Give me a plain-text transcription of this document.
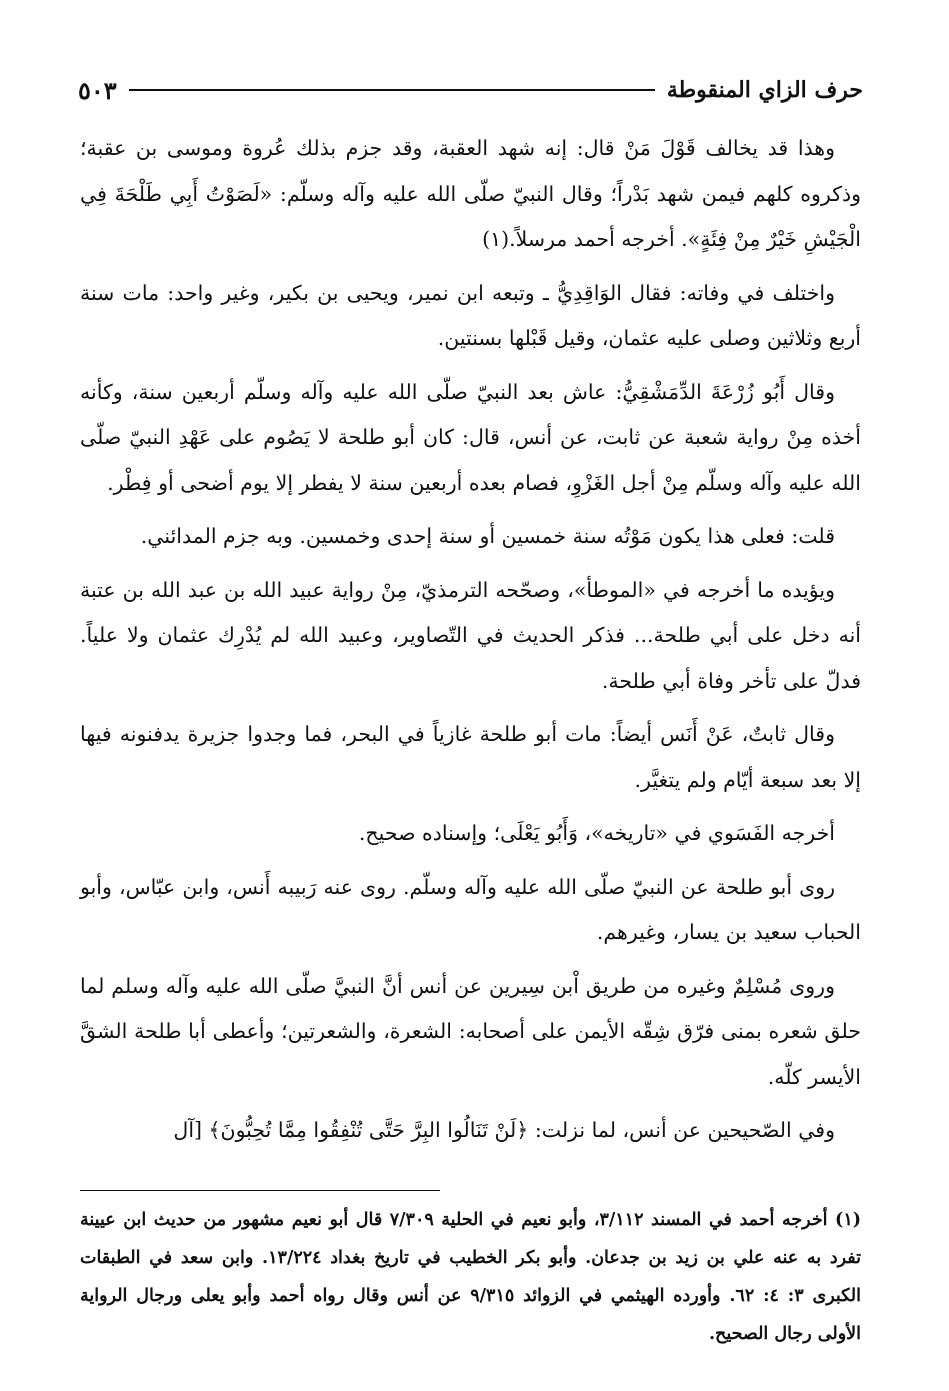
حرف الزاي المنقوطة
٥٠٣

وهذا قد يخالف قَوْلَ مَنْ قال: إنه شهد العقبة، وقد جزم بذلك عُروة وموسى بن عقبة؛ وذكروه كلهم فيمن شهد بَدْراً؛ وقال النبيّ صلّى الله عليه وآله وسلّم: «لَصَوْتُ أَبِي طَلْحَةَ فِي الْجَيْشِ خَيْرٌ مِنْ فِئَةٍ». أخرجه أحمد مرسلاً.(١)

واختلف في وفاته: فقال الوَاقِدِيُّ ـ وتبعه ابن نمير، ويحيى بن بكير، وغير واحد: مات سنة أربع وثلاثين وصلى عليه عثمان، وقيل قَبْلها بسنتين.

وقال أَبُو زُرْعَةَ الدِّمَشْقِيُّ: عاش بعد النبيّ صلّى الله عليه وآله وسلّم أربعين سنة، وكأنه أخذه مِنْ رواية شعبة عن ثابت، عن أنس، قال: كان أبو طلحة لا يَصُوم على عَهْدِ النبيّ صلّى الله عليه وآله وسلّم مِنْ أجل الغَزْوِ، فصام بعده أربعين سنة لا يفطر إلا يوم أضحى أو فِطْر.

قلت: فعلى هذا يكون مَوْتُه سنة خمسين أو سنة إحدى وخمسين. وبه جزم المدائني.

ويؤيده ما أخرجه في «الموطأ»، وصحّحه الترمذيّ، مِنْ رواية عبيد الله بن عبد الله بن عتبة أنه دخل على أبي طلحة... فذكر الحديث في التّصاوير، وعبيد الله لم يُدْرِك عثمان ولا علياً. فدلّ على تأخر وفاة أبي طلحة.

وقال ثابتٌ، عَنْ أَنَس أيضاً: مات أبو طلحة غازياً في البحر، فما وجدوا جزيرة يدفنونه فيها إلا بعد سبعة أيّام ولم يتغيَّر.

أخرجه الفَسَوي في «تاريخه»، وَأَبُو يَعْلَى؛ وإسناده صحيح.

روى أبو طلحة عن النبيّ صلّى الله عليه وآله وسلّم. روى عنه رَبيبه أَنس، وابن عبّاس، وأبو الحباب سعيد بن يسار، وغيرهم.

وروى مُسْلِمٌ وغيره من طريق اْبن سِيرين عن أنس أنَّ النبيَّ صلّى الله عليه وآله وسلم لما حلق شعره بمنى فرّق شِقّه الأيمن على أصحابه: الشعرة، والشعرتين؛ وأعطى أبا طلحة الشقَّ الأيسر كلّه.

وفي الصّحيحين عن أنس، لما نزلت: ﴿لَنْ تَنَالُوا البِرَّ حَتَّى تُنْفِقُوا مِمَّا تُحِبُّونَ﴾ [آل

(١) أخرجه أحمد في المسند ٣/١١٢، وأبو نعيم في الحلية ٧/٣٠٩ قال أبو نعيم مشهور من حديث ابن عيينة تفرد به عنه علي بن زيد بن جدعان. وأبو بكر الخطيب في تاريخ بغداد ١٣/٢٢٤. وابن سعد في الطبقات الكبرى ٣: ٤: ٦٢. وأورده الهيثمي في الزوائد ٩/٣١٥ عن أنس وقال رواه أحمد وأبو يعلى ورجال الرواية الأولى رجال الصحيح.
